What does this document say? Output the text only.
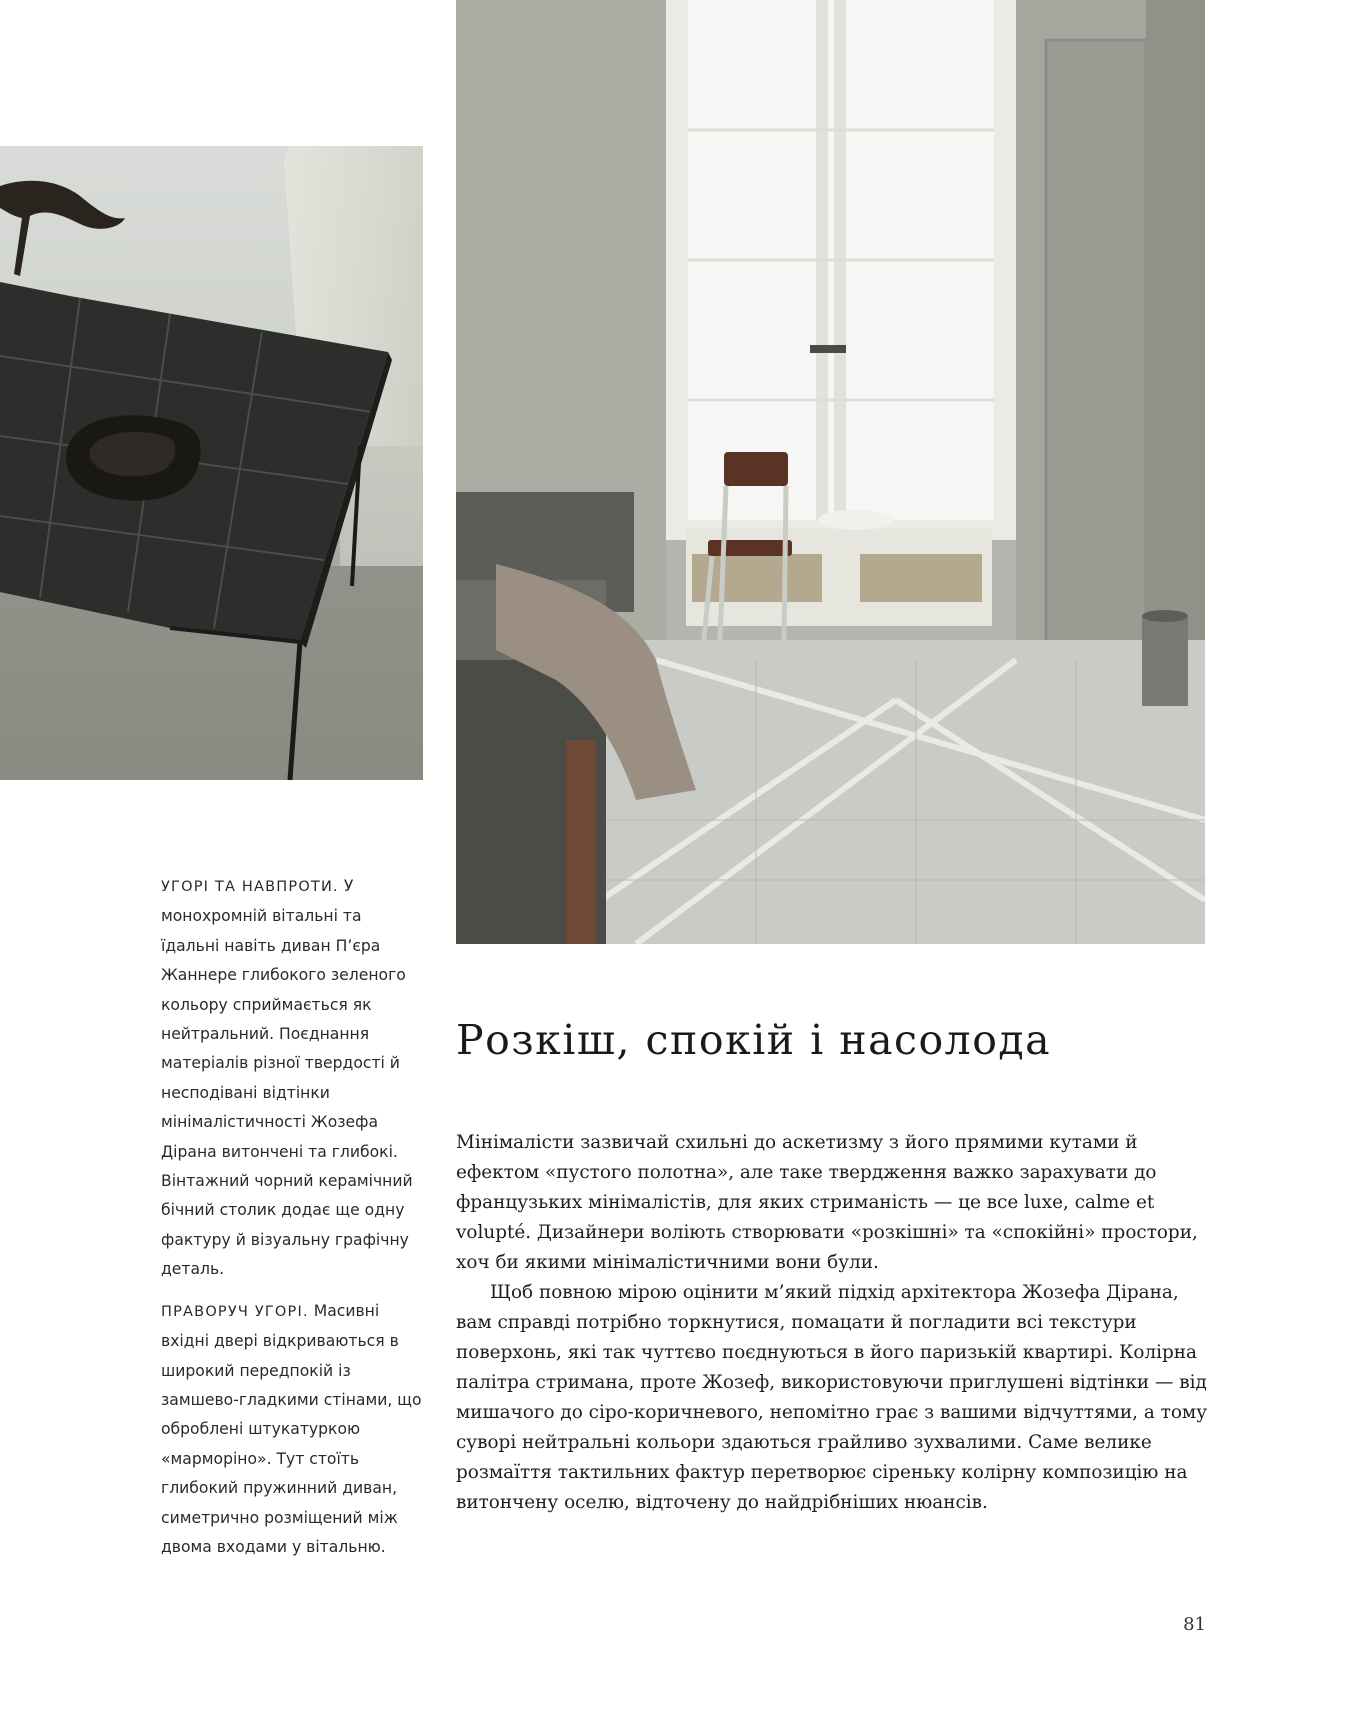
УГОРІ ТА НАВПРОТИ. У монохромній вітальні та їдальні навіть диван П’єра Жаннере глибокого зеленого кольору сприймається як нейтральний. Поєднання матеріалів різної твердості й несподівані відтінки мінімалістичності Жозефа Дірана витончені та глибокі. Вінтажний чорний керамічний бічний столик додає ще одну фактуру й візуальну графічну деталь.

ПРАВОРУЧ УГОРІ. Масивні вхідні двері відкриваються в широкий передпокій із замшево-гладкими стінами, що оброблені штукатуркою «марморіно». Тут стоїть глибокий пружинний диван, симетрично розміщений між двома входами у вітальню.

Розкіш, спокій і насолода

Мінімалісти зазвичай схильні до аскетизму з його прямими кутами й ефектом «пустого полотна», але таке твердження важко зарахувати до французьких мінімалістів, для яких стриманість — це все luxe, calme et volupté. Дизайнери воліють створювати «розкішні» та «спокійні» простори, хоч би якими мінімалістичними вони були.

Щоб повною мірою оцінити м’який підхід архітектора Жозефа Дірана, вам справді потрібно торкнутися, помацати й погладити всі текстури поверхонь, які так чуттєво поєднуються в його паризькій квартирі. Колірна палітра стримана, проте Жозеф, використовуючи приглушені відтінки — від мишачого до сіро-коричневого, непомітно грає з вашими відчуттями, а тому суворі нейтральні кольори здаються грайливо зухвалими. Саме велике розмаїття тактильних фактур перетворює сіреньку колірну композицію на витончену оселю, відточену до найдрібніших нюансів.

81
